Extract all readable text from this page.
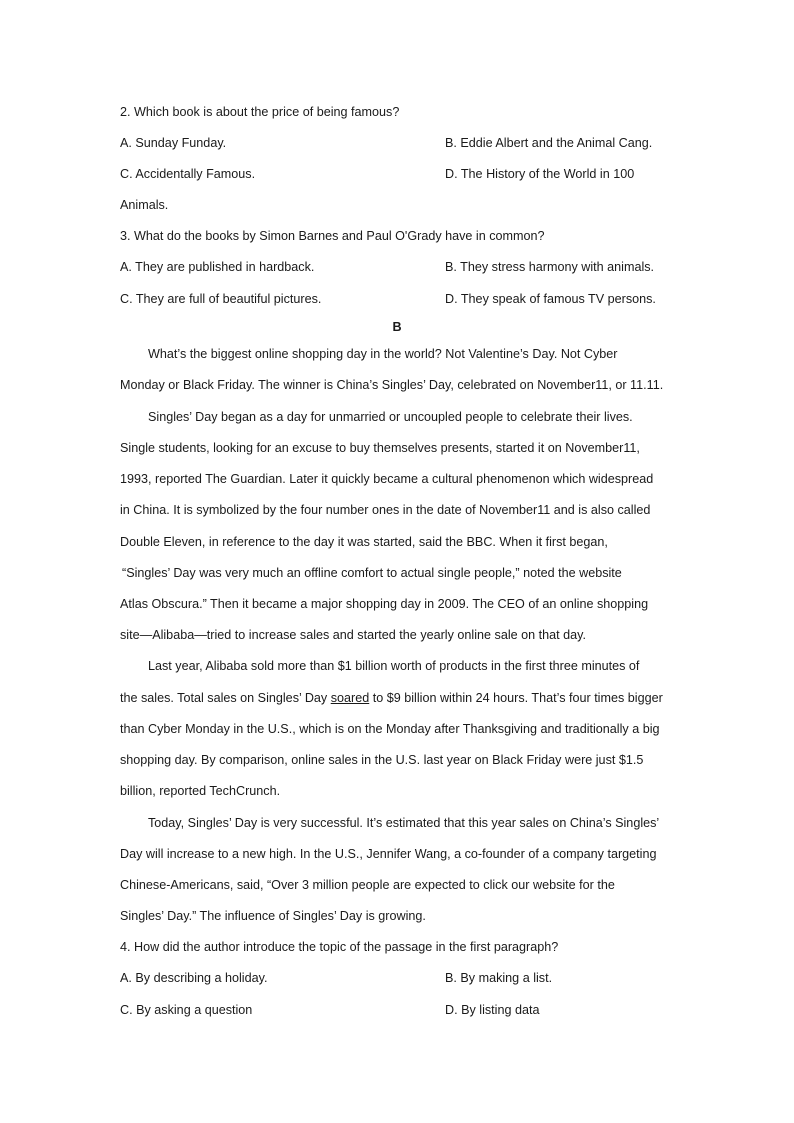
2. Which book is about the price of being famous?
A. Sunday Funday.	B. Eddie Albert and the Animal Cang.
C. Accidentally Famous.	D. The History of the World in 100
Animals.
3. What do the books by Simon Barnes and Paul O'Grady have in common?
A. They are published in hardback.	B. They stress harmony with animals.
C. They are full of beautiful pictures.	D. They speak of famous TV persons.
B
What’s the biggest online shopping day in the world? Not Valentine’s Day. Not Cyber
Monday or Black Friday. The winner is China’s Singles’ Day, celebrated on November11, or 11.11.
Singles’ Day began as a day for unmarried or uncoupled people to celebrate their lives.
Single students, looking for an excuse to buy themselves presents, started it on November11,
1993, reported The Guardian. Later it quickly became a cultural phenomenon which widespread
in China. It is symbolized by the four number ones in the date of November11 and is also called
Double Eleven, in reference to the day it was started, said the BBC. When it first began,
“Singles’ Day was very much an offline comfort to actual single people,” noted the website
Atlas Obscura.” Then it became a major shopping day in 2009. The CEO of an online shopping
site—Alibaba—tried to increase sales and started the yearly online sale on that day.
Last year, Alibaba sold more than $1 billion worth of products in the first three minutes of
the sales. Total sales on Singles’ Day soared to $9 billion within 24 hours. That’s four times bigger
than Cyber Monday in the U.S., which is on the Monday after Thanksgiving and traditionally a big
shopping day. By comparison, online sales in the U.S. last year on Black Friday were just $1.5
billion, reported TechCrunch.
Today, Singles’ Day is very successful. It’s estimated that this year sales on China’s Singles’
Day will increase to a new high. In the U.S., Jennifer Wang, a co-founder of a company targeting
Chinese-Americans, said, “Over 3 million people are expected to click our website for the
Singles’ Day.” The influence of Singles’ Day is growing.
4. How did the author introduce the topic of the passage in the first paragraph?
A. By describing a holiday.	B. By making a list.
C. By asking a question	D. By listing data
